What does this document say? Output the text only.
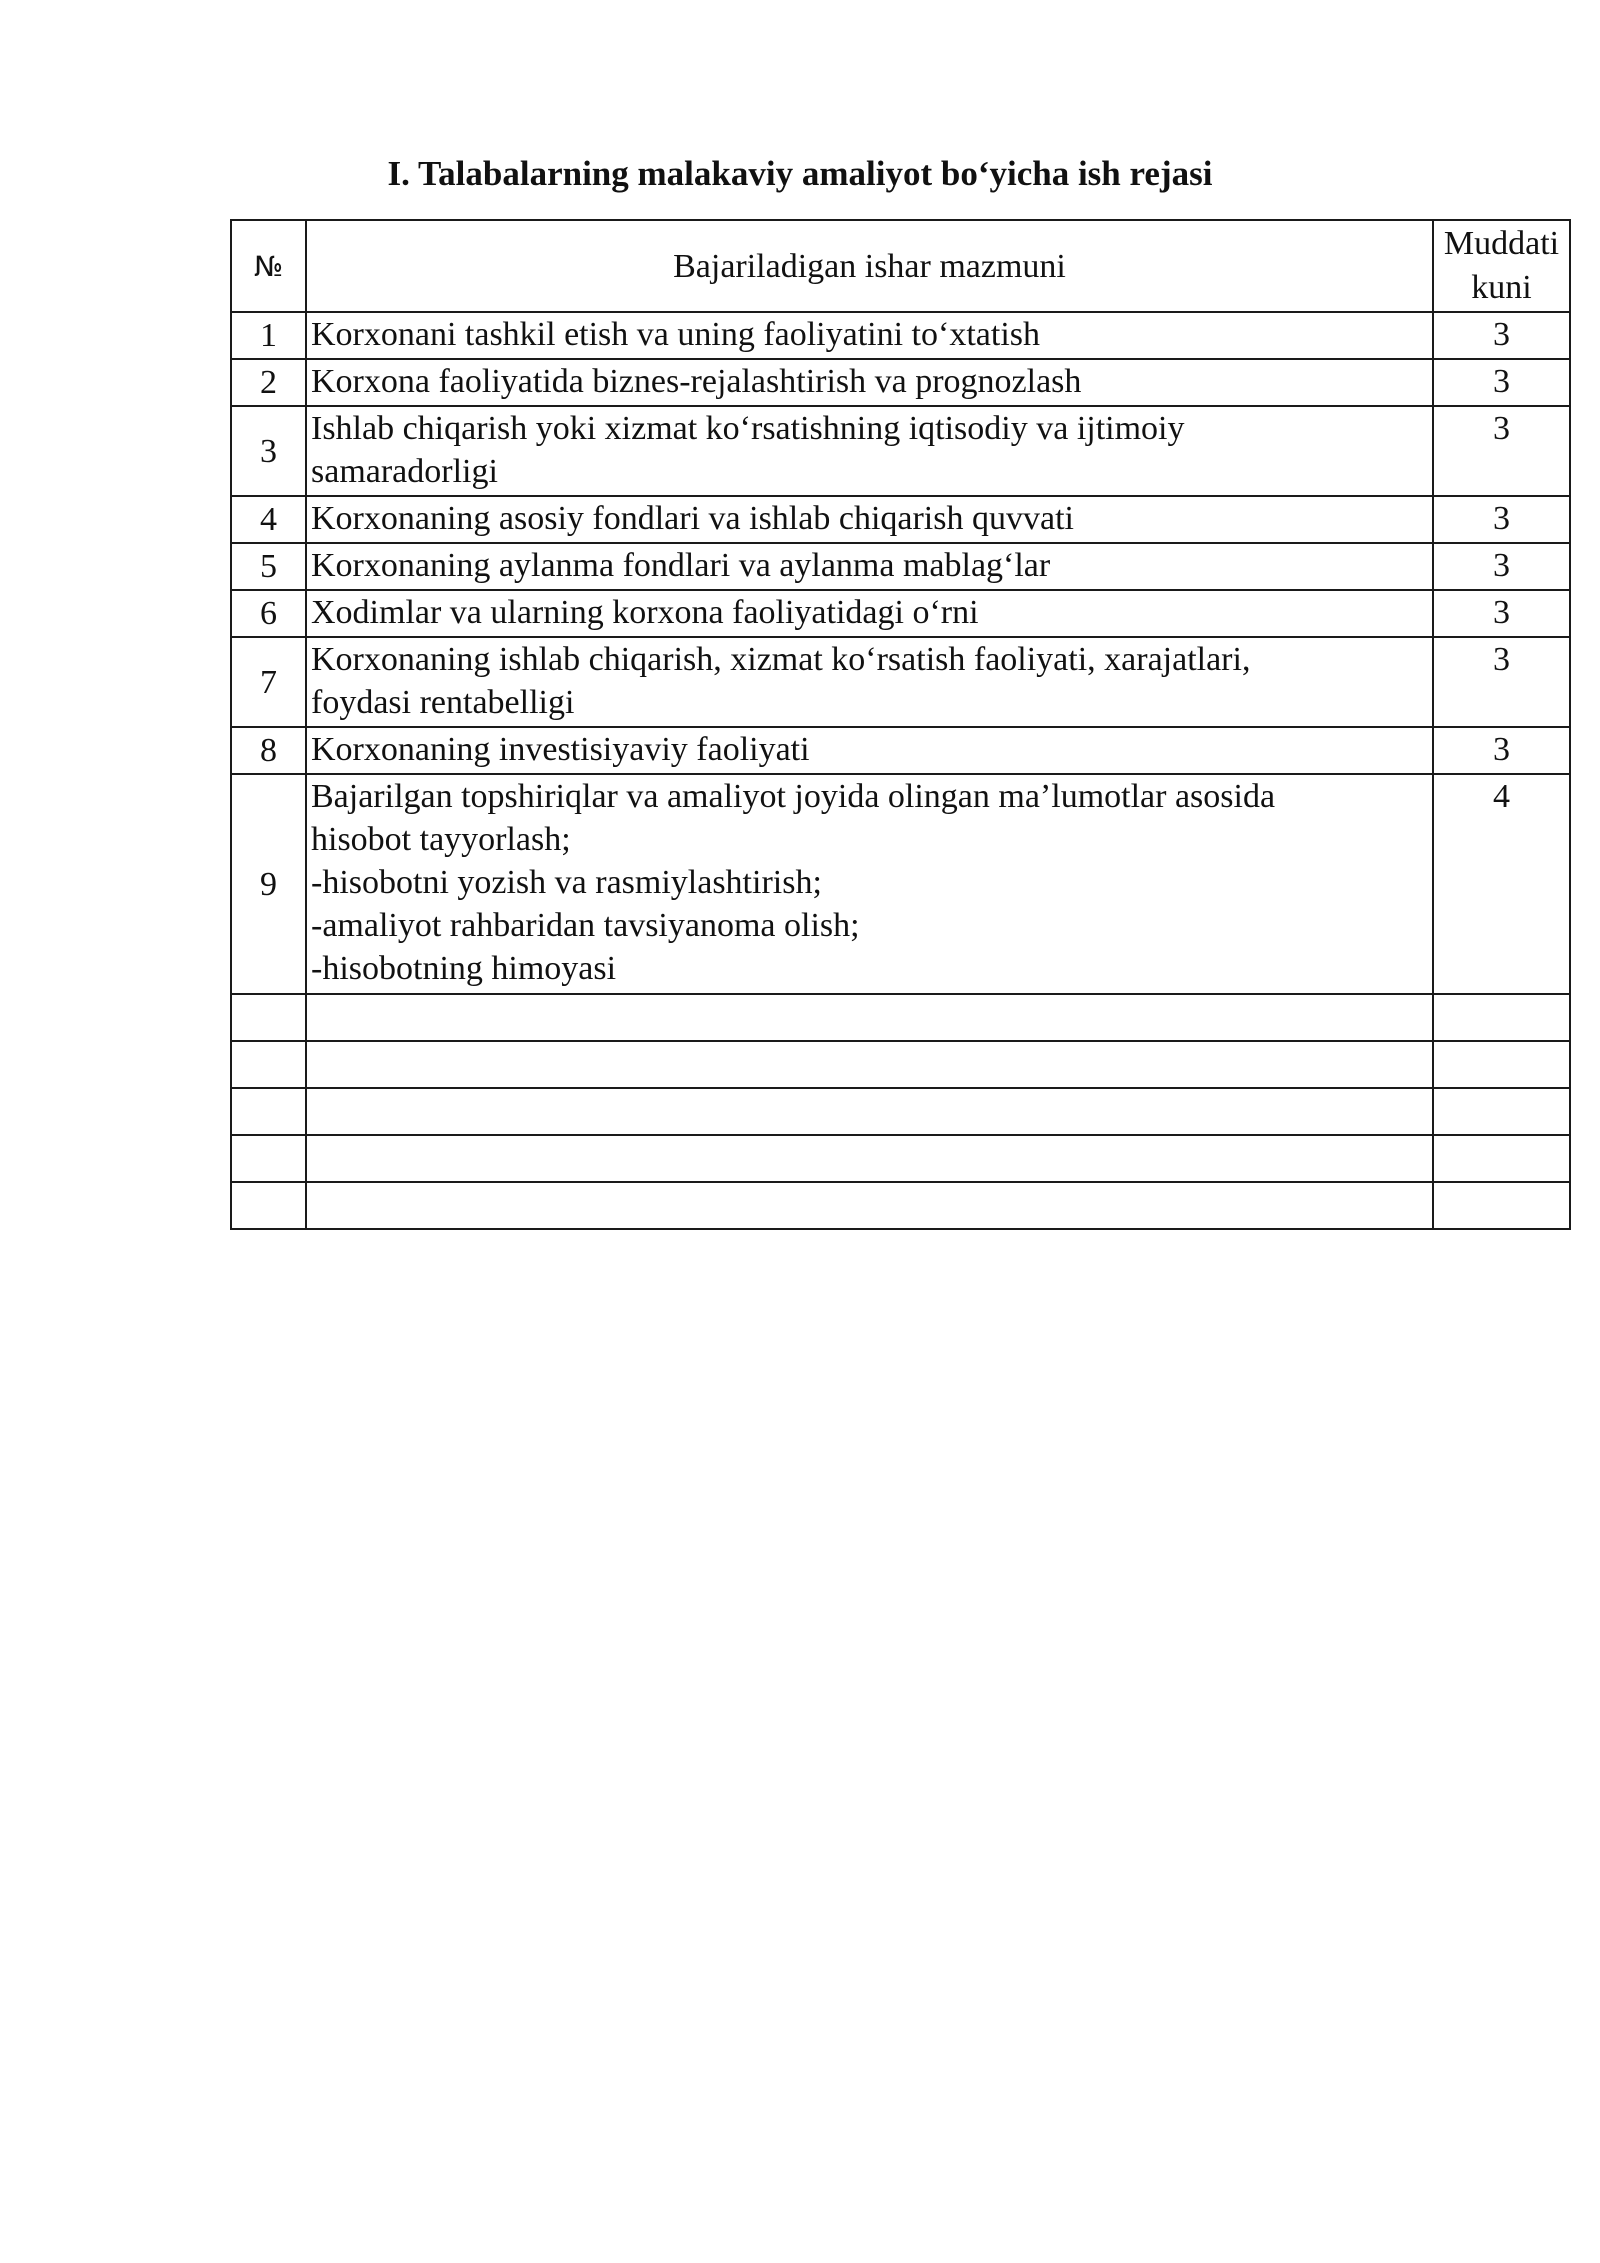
I. Talabalarning malakaviy amaliyot bo‘yicha ish rejasi
№	Bajariladigan ishar mazmuni	Muddati
kuni

1	Korxonani tashkil etish va uning faoliyatini to‘xtatish	3
2	Korxona faoliyatida biznes-rejalashtirish va prognozlash	3
3	Ishlab chiqarish yoki xizmat ko‘rsatishning iqtisodiy va ijtimoiy
samaradorligi	3
4	Korxonaning asosiy fondlari va ishlab chiqarish quvvati	3
5	Korxonaning aylanma fondlari va aylanma mablag‘lar	3
6	Xodimlar va ularning korxona faoliyatidagi o‘rni	3
7	Korxonaning ishlab chiqarish, xizmat ko‘rsatish faoliyati, xarajatlari,
foydasi rentabelligi	3
8	Korxonaning investisiyaviy faoliyati	3
9	Bajarilgan topshiriqlar va amaliyot joyida olingan ma’lumotlar asosida
hisobot tayyorlash;
-hisobotni yozish va rasmiylashtirish;
-amaliyot rahbaridan tavsiyanoma olish;
-hisobotning himoyasi	4
